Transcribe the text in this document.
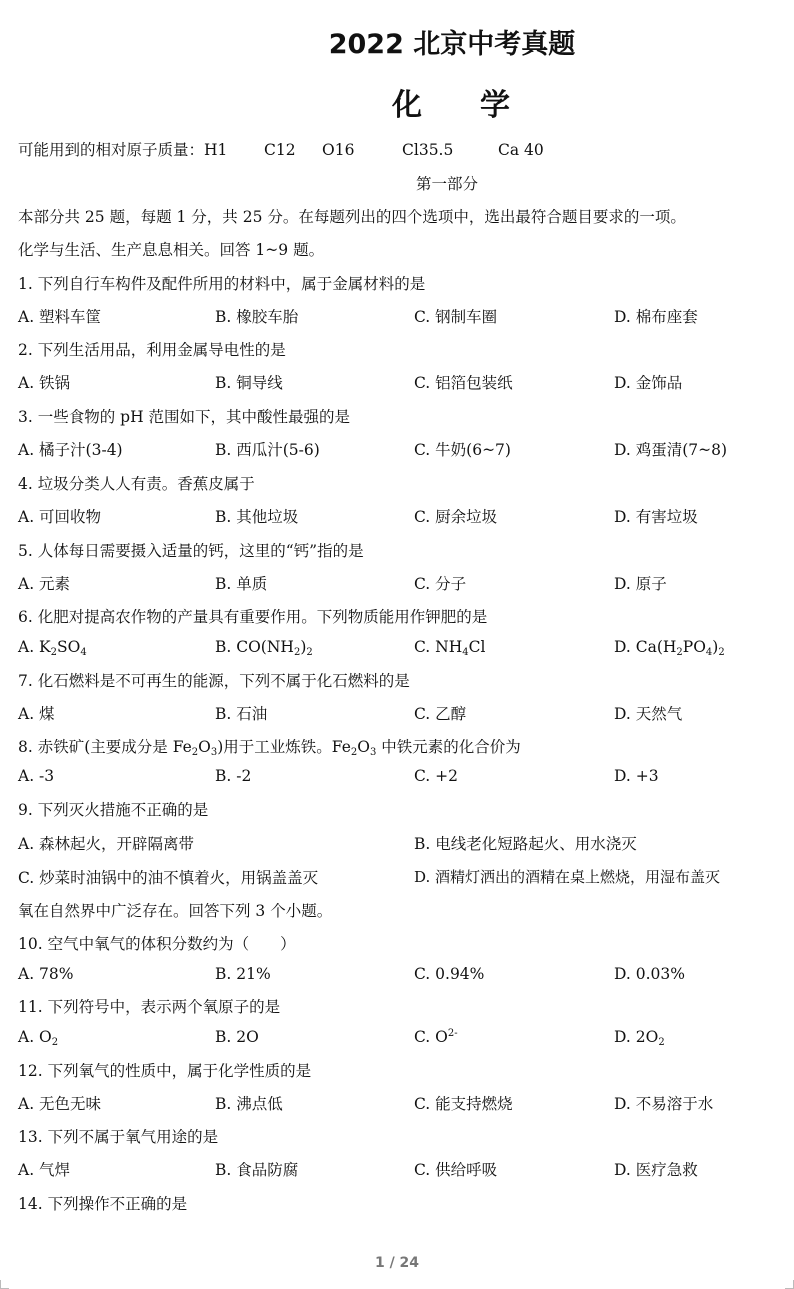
2022 北京中考真题
化 学
可能用到的相对原子质量：H1 C12 O16	Cl35.5	Ca 40
第一部分
本部分共 25 题，每题 1 分，共 25 分。在每题列出的四个选项中，选出最符合题目要求的一项。
化学与生活、生产息息相关。回答 1~9 题。
1. 下列自行车构件及配件所用的材料中，属于金属材料的是
A. 塑料车筐	B. 橡胶车胎	C. 钢制车圈	D. 棉布座套
2. 下列生活用品，利用金属导电性的是
A. 铁锅	B. 铜导线	C. 铝箔包装纸	D. 金饰品
3. 一些食物的 pH 范围如下，其中酸性最强的是
A. 橘子汁(3-4)	B. 西瓜汁(5-6)	C. 牛奶(6~7)	D. 鸡蛋清(7~8)
4. 垃圾分类人人有责。香蕉皮属于
A. 可回收物	B. 其他垃圾	C. 厨余垃圾	D. 有害垃圾
5. 人体每日需要摄入适量的钙，这里的“钙”指的是
A. 元素	B. 单质	C. 分子	D. 原子
6. 化肥对提高农作物的产量具有重要作用。下列物质能用作钾肥的是
A. $K_2SO_4$	B. $CO(NH_2)_2$	C. $NH_4Cl$	D. $Ca(H_2PO_4)_2$
7. 化石燃料是不可再生的能源，下列不属于化石燃料的是
A. 煤	B. 石油	C. 乙醇	D. 天然气
8. 赤铁矿(主要成分是 $Fe_2O_3$)用于工业炼铁。$Fe_2O_3$ 中铁元素的化合价为
A. -3	B. -2	C. +2	D. +3
9. 下列灭火措施不正确的是
A. 森林起火，开辟隔离带	B. 电线老化短路起火、用水浇灭
C. 炒菜时油锅中的油不慎着火，用锅盖盖灭	D. 酒精灯洒出的酒精在桌上燃烧，用湿布盖灭
氧在自然界中广泛存在。回答下列 3 个小题。
10. 空气中氧气的体积分数约为（　　）
A. 78%	B. 21%	C. 0.94%	D. 0.03%
11. 下列符号中，表示两个氧原子的是
A. $O_2$	B. 2O	C. $O^{2-}$	D. $2O_2$
12. 下列氧气的性质中，属于化学性质的是
A. 无色无味	B. 沸点低	C. 能支持燃烧	D. 不易溶于水
13. 下列不属于氧气用途的是
A. 气焊	B. 食品防腐	C. 供给呼吸	D. 医疗急救
14. 下列操作不正确的是
1 / 24
